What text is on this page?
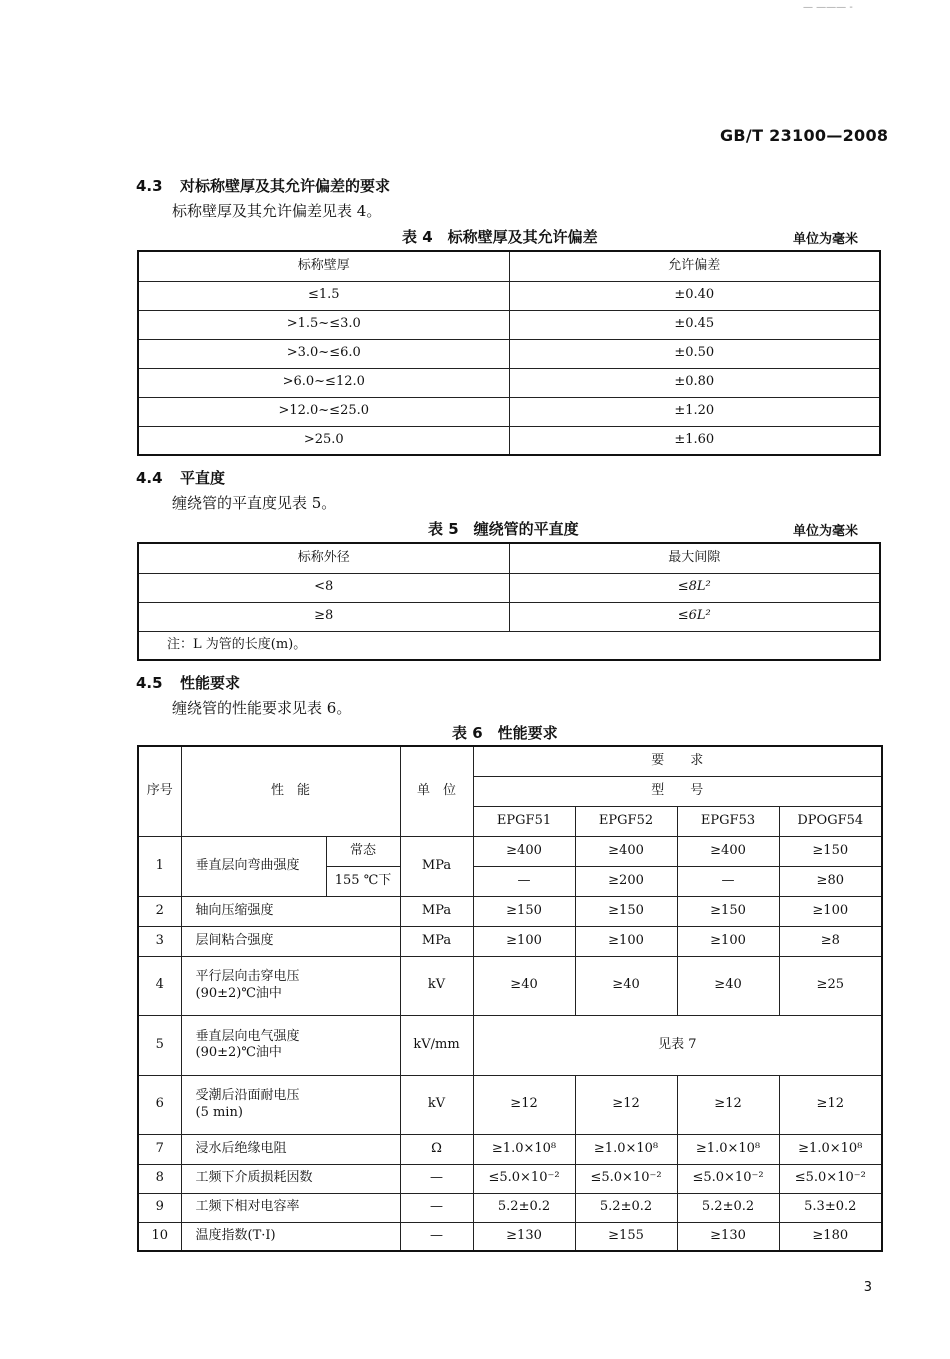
— ——— -
GB/T 23100—2008
4.3 对标称壁厚及其允许偏差的要求
标称壁厚及其允许偏差见表 4。
表 4　标称壁厚及其允许偏差	单位为毫米
标称壁厚	允许偏差
≤1.5	±0.40
>1.5~≤3.0	±0.45
>3.0~≤6.0	±0.50
>6.0~≤12.0	±0.80
>12.0~≤25.0	±1.20
>25.0	±1.60
4.4 平直度
缠绕管的平直度见表 5。
表 5　缠绕管的平直度	单位为毫米
标称外径	最大间隙
<8	≤8L²
≥8	≤6L²
注：L 为管的长度(m)。	
4.5 性能要求
缠绕管的性能要求见表 6。
表 6　性能要求
序号	性　能		单　位	要　　求			
				型　　号			
				EPGF51	EPGF52	EPGF53	DPOGF54
1	垂直层向弯曲强度	常态	MPa	≥400	≥400	≥400	≥150
		155 ℃下		—	≥200	—	≥80
2	轴向压缩强度		MPa	≥150	≥150	≥150	≥100
3	层间粘合强度		MPa	≥100	≥100	≥100	≥8
4	平行层向击穿电压
(90±2)℃油中		kV	≥40	≥40	≥40	≥25
5	垂直层向电气强度
(90±2)℃油中		kV/mm	见表 7			
6	受潮后沿面耐电压
(5 min)		kV	≥12	≥12	≥12	≥12
7	浸水后绝缘电阻		Ω	≥1.0×10⁸	≥1.0×10⁸	≥1.0×10⁸	≥1.0×10⁸
8	工频下介质损耗因数		—	≤5.0×10⁻²	≤5.0×10⁻²	≤5.0×10⁻²	≤5.0×10⁻²
9	工频下相对电容率		—	5.2±0.2	5.2±0.2	5.2±0.2	5.3±0.2
10	温度指数(T·I)		—	≥130	≥155	≥130	≥180
3
